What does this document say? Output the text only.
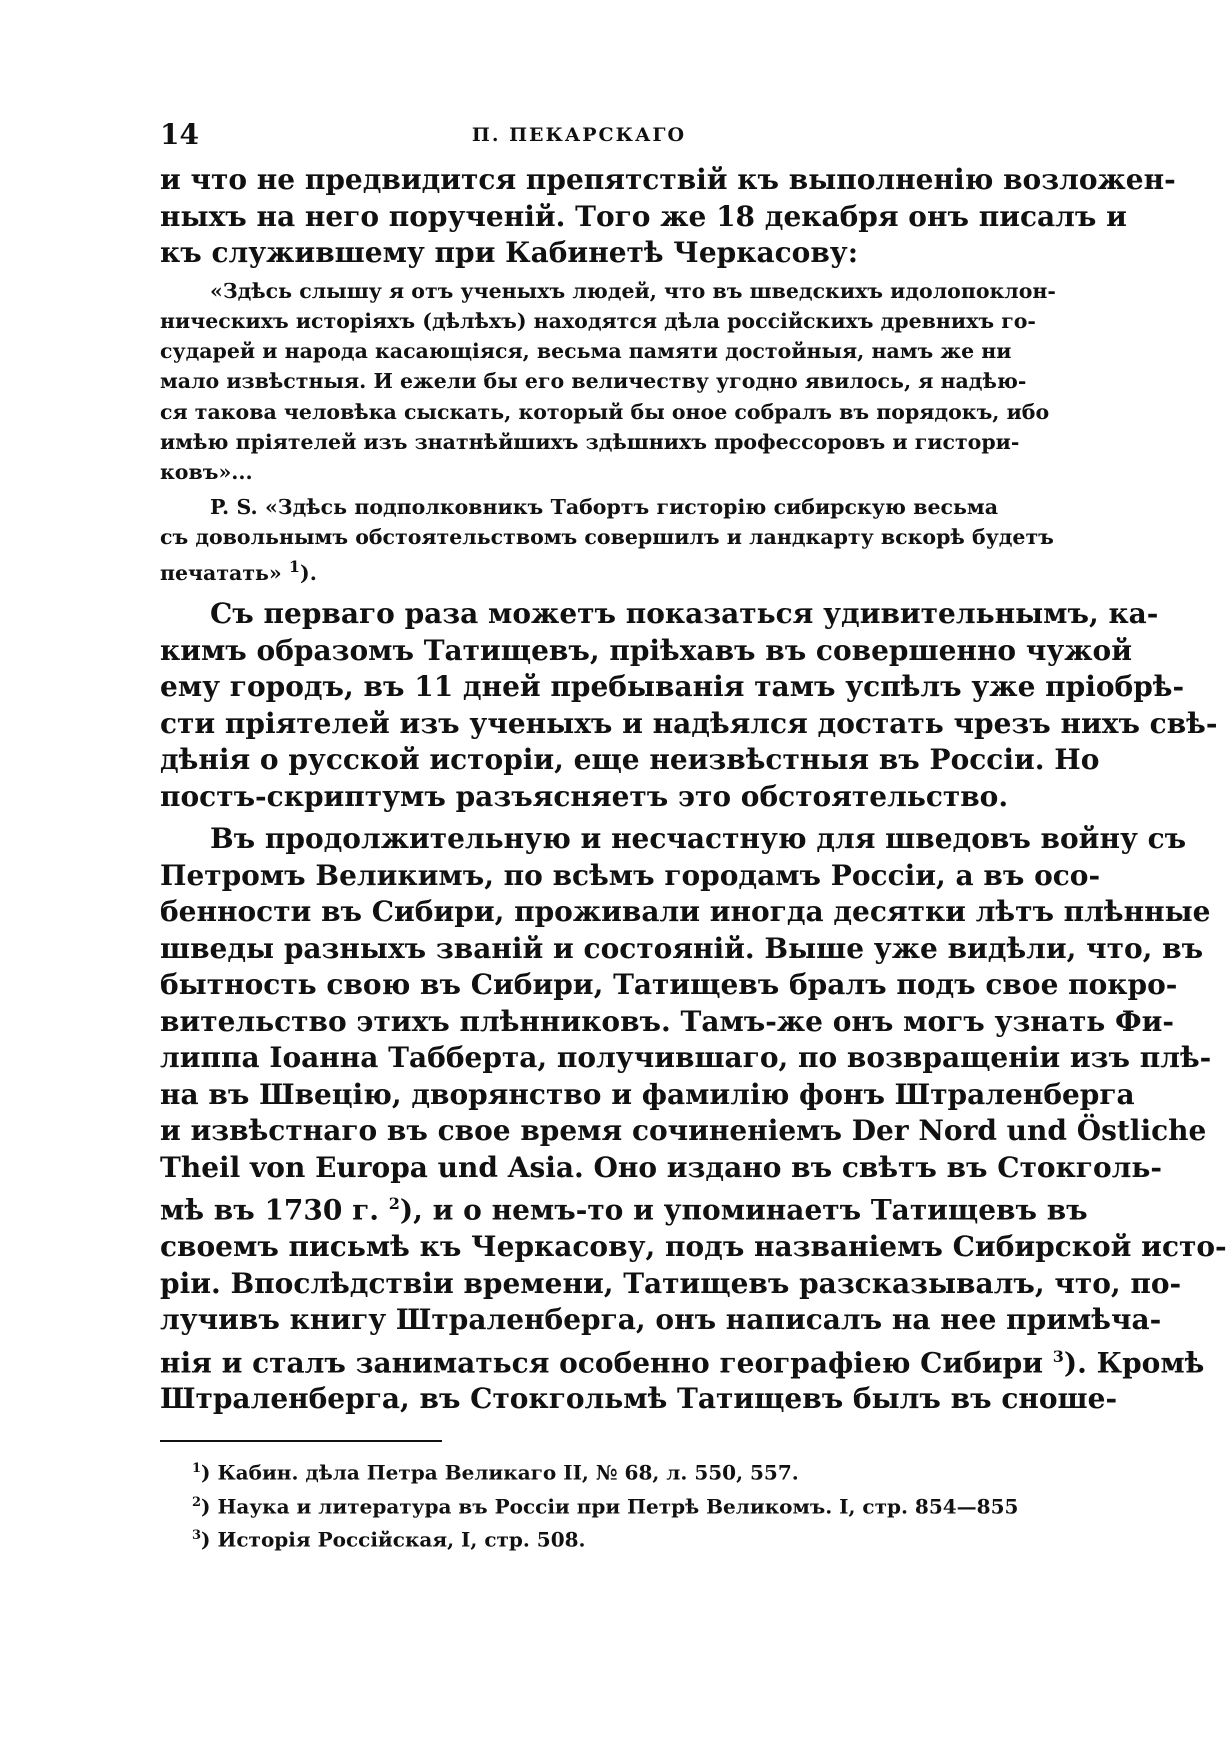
14	П. ПЕКАРСКАГО
и что не предвидится препятствій къ выполненію возложен-
ныхъ на него порученій. Того же 18 декабря онъ писалъ и
къ служившему при Кабинетѣ Черкасову:
«Здѣсь слышу я отъ ученыхъ людей, что въ шведскихъ идолопоклон-
ническихъ исторіяхъ (дѣлѣхъ) находятся дѣла россійскихъ древнихъ го-
сударей и народа касающіяся, весьма памяти достойныя, намъ же ни
мало извѣстныя. И ежели бы его величеству угодно явилось, я надѣю-
ся такова человѣка сыскать, который бы оное собралъ въ порядокъ, ибо
имѣю пріятелей изъ знатнѣйшихъ здѣшнихъ профессоровъ и гистори-
ковъ»...
P. S. «Здѣсь подполковникъ Табортъ гисторію сибирскую весьма
съ довольнымъ обстоятельствомъ совершилъ и ландкарту вскорѣ будетъ
печатать» $^1$).
Съ перваго раза можетъ показаться удивительнымъ, ка-
кимъ образомъ Татищевъ, пріѣхавъ въ совершенно чужой
ему городъ, въ 11 дней пребыванія тамъ успѣлъ уже пріобрѣ-
сти пріятелей изъ ученыхъ и надѣялся достать чрезъ нихъ свѣ-
дѣнія о русской исторіи, еще неизвѣстныя въ Россіи. Но
постъ-скриптумъ разъясняетъ это обстоятельство.
Въ продолжительную и несчастную для шведовъ войну съ
Петромъ Великимъ, по всѣмъ городамъ Россіи, а въ осо-
бенности въ Сибири, проживали иногда десятки лѣтъ плѣнные
шведы разныхъ званій и состояній. Выше уже видѣли, что, въ
бытность свою въ Сибири, Татищевъ бралъ подъ свое покро-
вительство этихъ плѣнниковъ. Тамъ-же онъ могъ узнать Фи-
липпа Іоанна Табберта, получившаго, по возвращеніи изъ плѣ-
на въ Швецію, дворянство и фамилію фонъ Штраленберга
и извѣстнаго въ свое время сочиненіемъ Der Nord und Östliche
Theil von Europa und Asia. Оно издано въ свѣтъ въ Стокголь-
мѣ въ 1730 г. $^2$), и о немъ-то и упоминаетъ Татищевъ въ
своемъ письмѣ къ Черкасову, подъ названіемъ Сибирской исто-
ріи. Впослѣдствіи времени, Татищевъ разсказывалъ, что, по-
лучивъ книгу Штраленберга, онъ написалъ на нее примѣча-
нія и сталъ заниматься особенно географіею Сибири $^3$). Кромѣ
Штраленберга, въ Стокгольмѣ Татищевъ былъ въ сноше-
$^1$) Кабин. дѣла Петра Великаго II, № 68, л. 550, 557.
$^2$) Наука и литература въ Россіи при Петрѣ Великомъ. I, стр. 854—855
$^3$) Исторія Россійская, I, стр. 508.
